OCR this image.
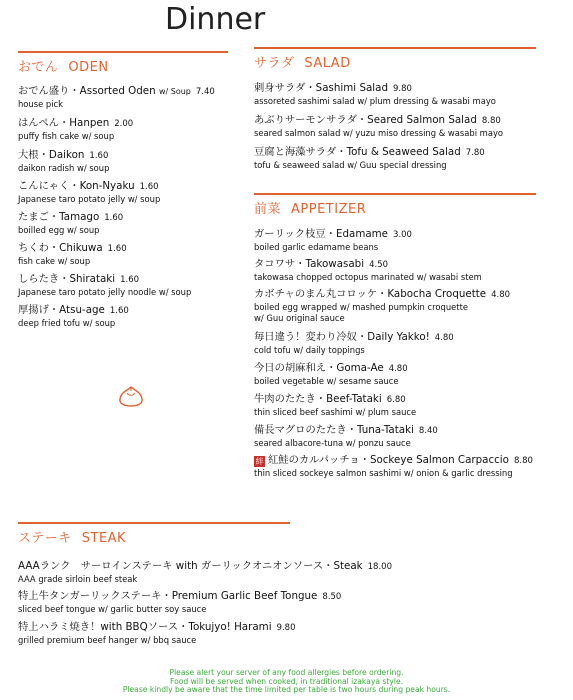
Dinner
おでん ODEN
おでん盛り・Assorted Oden w/ Soup 7.40
house pick
はんぺん・Hanpen 2.00
puffy fish cake w/ soup
大根・Daikon 1.60
daikon radish w/ soup
こんにゃく・Kon-Nyaku 1.60
Japanese taro potato jelly w/ soup
たまご・Tamago 1.60
boilled egg w/ soup
ちくわ・Chikuwa 1.60
fish cake w/ soup
しらたき・Shirataki 1.60
Japanese taro potato jelly noodle w/ soup
厚揚げ・Atsu-age 1.60
deep fried tofu w/ soup
サラダ SALAD
刺身サラダ・Sashimi Salad 9.80
assoreted sashimi salad w/ plum dressing & wasabi mayo
あぶりサーモンサラダ・Seared Salmon Salad 8.80
seared salmon salad w/ yuzu miso dressing & wasabi mayo
豆腐と海藻サラダ・Tofu & Seaweed Salad 7.80
tofu & seaweed salad w/ Guu special dressing
前菜 APPETIZER
ガーリック枝豆・Edamame 3.00
boiled garlic edamame beans
タコワサ・Takowasabi 4.50
takowasa chopped octopus marinated w/ wasabi stem
カボチャのまん丸コロッケ・Kabocha Croquette 4.80
boiled egg wrapped w/ mashed pumpkin croquette
w/ Guu original sauce
毎日違う！変わり冷奴・Daily Yakko! 4.80
cold tofu w/ daily toppings
今日の胡麻和え・Goma-Ae 4.80
boiled vegetable w/ sesame sauce
牛肉のたたき・Beef-Tataki 6.80
thin sliced beef sashimi w/ plum sauce
備長マグロのたたき・Tuna-Tataki 8.40
seared albacore-tuna w/ ponzu sauce
絆 紅鮭のカルパッチョ・Sockeye Salmon Carpaccio 8.80
thin sliced sockeye salmon sashimi w/ onion & garlic dressing
ステーキ STEAK
AAAランク　サーロインステーキ with ガーリックオニオンソース・Steak 18.00
AAA grade sirloin beef steak
特上牛タンガーリックステーキ・Premium Garlic Beef Tongue 8.50
sliced beef tongue w/ garlic butter soy sauce
特上ハラミ焼き！with BBQソース・Tokujyo! Harami 9.80
grilled premium beef hanger w/ bbq sauce
Please alert your server of any food allergies before ordering.
Food will be served when cooked, in traditional izakaya style.
Please kindly be aware that the time limited per table is two hours during peak hours.
